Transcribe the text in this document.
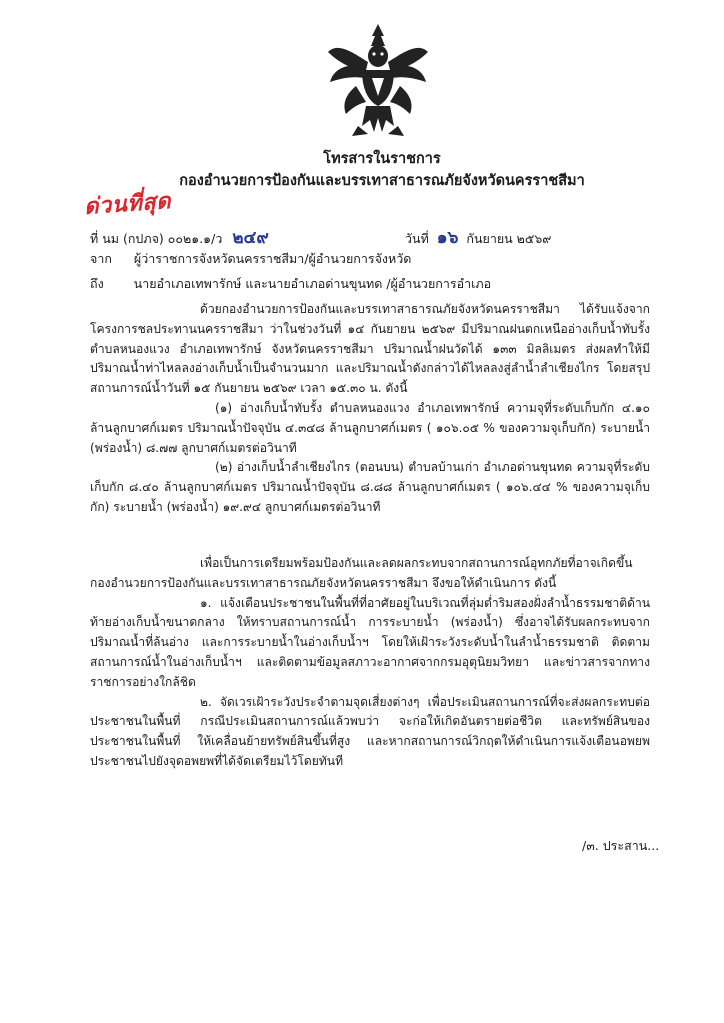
โทรสารในราชการ
กองอำนวยการป้องกันและบรรเทาสาธารณภัยจังหวัดนครราชสีมา
ด่วนที่สุด
ที่ นม (กปภจ) ๐๐๒๑.๑/ว ๒๔๙	วันที่ ๑๖ กันยายน ๒๕๖๙
จาก ผู้ว่าราชการจังหวัดนครราชสีมา/ผู้อำนวยการจังหวัด
ถึง นายอำเภอเทพารักษ์ และนายอำเภอด่านขุนทด /ผู้อำนวยการอำเภอ

ด้วยกองอำนวยการป้องกันและบรรเทาสาธารณภัยจังหวัดนครราชสีมา ได้รับแจ้งจากโครงการชลประทานนครราชสีมา ว่าในช่วงวันที่ ๑๔ กันยายน ๒๕๖๙ มีปริมาณฝนตกเหนืออ่างเก็บน้ำทับรั้ง ตำบลหนองแวง อำเภอเทพารักษ์ จังหวัดนครราชสีมา ปริมาณน้ำฝนวัดได้ ๑๓๓ มิลลิเมตร ส่งผลทำให้มีปริมาณน้ำท่าไหลลงอ่างเก็บน้ำเป็นจำนวนมาก และปริมาณน้ำดังกล่าวได้ไหลลงสู่ลำน้ำลำเชียงไกร โดยสรุปสถานการณ์น้ำวันที่ ๑๕ กันยายน ๒๕๖๙ เวลา ๑๕.๓๐ น. ดังนี้

(๑) อ่างเก็บน้ำทับรั้ง ตำบลหนองแวง อำเภอเทพารักษ์ ความจุที่ระดับเก็บกัก ๔.๑๐ ล้านลูกบาศก์เมตร ปริมาณน้ำปัจจุบัน ๔.๓๔๘ ล้านลูกบาศก์เมตร ( ๑๐๖.๐๕ % ของความจุเก็บกัก) ระบายน้ำ (พร่องน้ำ) ๘.๗๗ ลูกบาศก์เมตรต่อวินาที

(๒) อ่างเก็บน้ำลำเชียงไกร (ตอนบน) ตำบลบ้านเก่า อำเภอด่านขุนทด ความจุที่ระดับเก็บกัก ๘.๔๐ ล้านลูกบาศก์เมตร ปริมาณน้ำปัจจุบัน ๘.๘๘ ล้านลูกบาศก์เมตร ( ๑๐๖.๔๔ % ของความจุเก็บกัก) ระบายน้ำ (พร่องน้ำ) ๑๙.๙๔ ลูกบาศก์เมตรต่อวินาที

เพื่อเป็นการเตรียมพร้อมป้องกันและลดผลกระทบจากสถานการณ์อุทกภัยที่อาจเกิดขึ้น กองอำนวยการป้องกันและบรรเทาสาธารณภัยจังหวัดนครราชสีมา จึงขอให้ดำเนินการ ดังนี้

๑. แจ้งเตือนประชาชนในพื้นที่ที่อาศัยอยู่ในบริเวณที่ลุ่มต่ำริมสองฝั่งลำน้ำธรรมชาติด้านท้ายอ่างเก็บน้ำขนาดกลาง ให้ทราบสถานการณ์น้ำ การระบายน้ำ (พร่องน้ำ) ซึ่งอาจได้รับผลกระทบจากปริมาณน้ำที่ล้นอ่าง และการระบายน้ำในอ่างเก็บน้ำฯ โดยให้เฝ้าระวังระดับน้ำในลำน้ำธรรมชาติ ติดตามสถานการณ์น้ำในอ่างเก็บน้ำฯ และติดตามข้อมูลสภาวะอากาศจากกรมอุตุนิยมวิทยา และข่าวสารจากทางราชการอย่างใกล้ชิด

๒. จัดเวรเฝ้าระวังประจำตามจุดเสี่ยงต่างๆ เพื่อประเมินสถานการณ์ที่จะส่งผลกระทบต่อประชาชนในพื้นที่ กรณีประเมินสถานการณ์แล้วพบว่า จะก่อให้เกิดอันตรายต่อชีวิต และทรัพย์สินของประชาชนในพื้นที่ ให้เคลื่อนย้ายทรัพย์สินขึ้นที่สูง และหากสถานการณ์วิกฤตให้ดำเนินการแจ้งเตือนอพยพประชาชนไปยังจุดอพยพที่ได้จัดเตรียมไว้โดยทันที

/๓. ประสาน...
